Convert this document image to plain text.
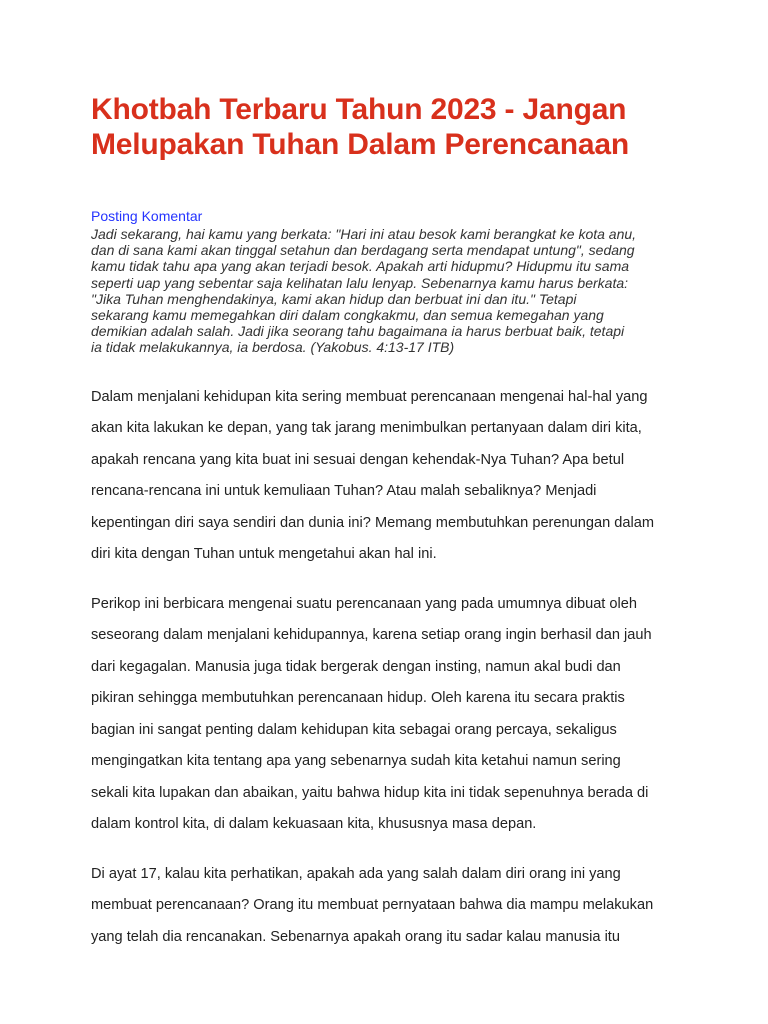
Khotbah Terbaru Tahun 2023 - Jangan
Melupakan Tuhan Dalam Perencanaan
Posting Komentar

Jadi sekarang, hai kamu yang berkata: "Hari ini atau besok kami berangkat ke kota anu,
dan di sana kami akan tinggal setahun dan berdagang serta mendapat untung", sedang
kamu tidak tahu apa yang akan terjadi besok. Apakah arti hidupmu? Hidupmu itu sama
seperti uap yang sebentar saja kelihatan lalu lenyap. Sebenarnya kamu harus berkata:
"Jika Tuhan menghendakinya, kami akan hidup dan berbuat ini dan itu." Tetapi
sekarang kamu memegahkan diri dalam congkakmu, dan semua kemegahan yang
demikian adalah salah. Jadi jika seorang tahu bagaimana ia harus berbuat baik, tetapi
ia tidak melakukannya, ia berdosa. (Yakobus. 4:13-17 ITB)

Dalam menjalani kehidupan kita sering membuat perencanaan mengenai hal-hal yang
akan kita lakukan ke depan, yang tak jarang menimbulkan pertanyaan dalam diri kita,
apakah rencana yang kita buat ini sesuai dengan kehendak-Nya Tuhan? Apa betul
rencana-rencana ini untuk kemuliaan Tuhan? Atau malah sebaliknya? Menjadi
kepentingan diri saya sendiri dan dunia ini? Memang membutuhkan perenungan dalam
diri kita dengan Tuhan untuk mengetahui akan hal ini.

Perikop ini berbicara mengenai suatu perencanaan yang pada umumnya dibuat oleh
seseorang dalam menjalani kehidupannya, karena setiap orang ingin berhasil dan jauh
dari kegagalan. Manusia juga tidak bergerak dengan insting, namun akal budi dan
pikiran sehingga membutuhkan perencanaan hidup. Oleh karena itu secara praktis
bagian ini sangat penting dalam kehidupan kita sebagai orang percaya, sekaligus
mengingatkan kita tentang apa yang sebenarnya sudah kita ketahui namun sering
sekali kita lupakan dan abaikan, yaitu bahwa hidup kita ini tidak sepenuhnya berada di
dalam kontrol kita, di dalam kekuasaan kita, khususnya masa depan.

Di ayat 17, kalau kita perhatikan, apakah ada yang salah dalam diri orang ini yang
membuat perencanaan? Orang itu membuat pernyataan bahwa dia mampu melakukan
yang telah dia rencanakan. Sebenarnya apakah orang itu sadar kalau manusia itu
